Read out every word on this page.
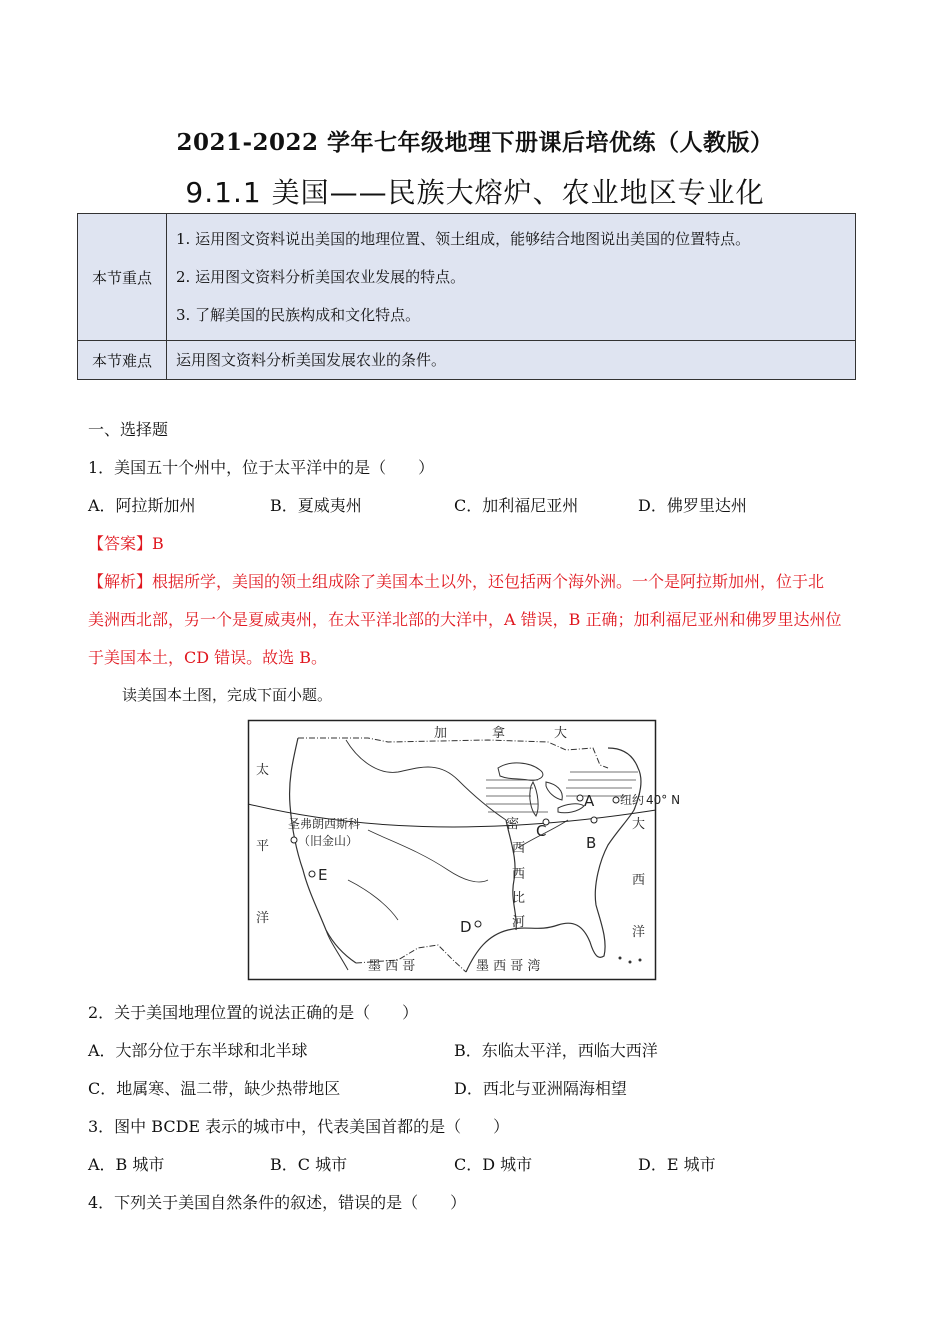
2021-2022 学年七年级地理下册课后培优练（人教版）
9.1.1 美国——民族大熔炉、农业地区专业化
本节重点	1. 运用图文资料说出美国的地理位置、领土组成，能够结合地图说出美国的位置特点。
2. 运用图文资料分析美国农业发展的特点。
3. 了解美国的民族构成和文化特点。

本节难点	运用图文资料分析美国发展农业的条件。
一、选择题
1．美国五十个州中，位于太平洋中的是（　　）
A．阿拉斯加州	B．夏威夷州	C．加利福尼亚州	D．佛罗里达州
【答案】B
【解析】根据所学，美国的领土组成除了美国本土以外，还包括两个海外洲。一个是阿拉斯加州，位于北
美洲西北部，另一个是夏威夷州，在太平洋北部的大洋中，A 错误，B 正确；加利福尼亚州和佛罗里达州位
于美国本土，CD 错误。故选 B。
读美国本土图，完成下面小题。
加	拿	大
太
平
洋
大
西
洋
密
西
西
比
河
墨 西 哥	墨 西 哥 湾
圣弗朗西斯科
（旧金山）
纽约 40° N
A
B
C
D
E
2．关于美国地理位置的说法正确的是（　　）
A．大部分位于东半球和北半球	B．东临太平洋，西临大西洋
C．地属寒、温二带，缺少热带地区	D．西北与亚洲隔海相望
3．图中 BCDE 表示的城市中，代表美国首都的是（　　）
A．B 城市	B．C 城市	C．D 城市	D．E 城市
4．下列关于美国自然条件的叙述，错误的是（　　）
